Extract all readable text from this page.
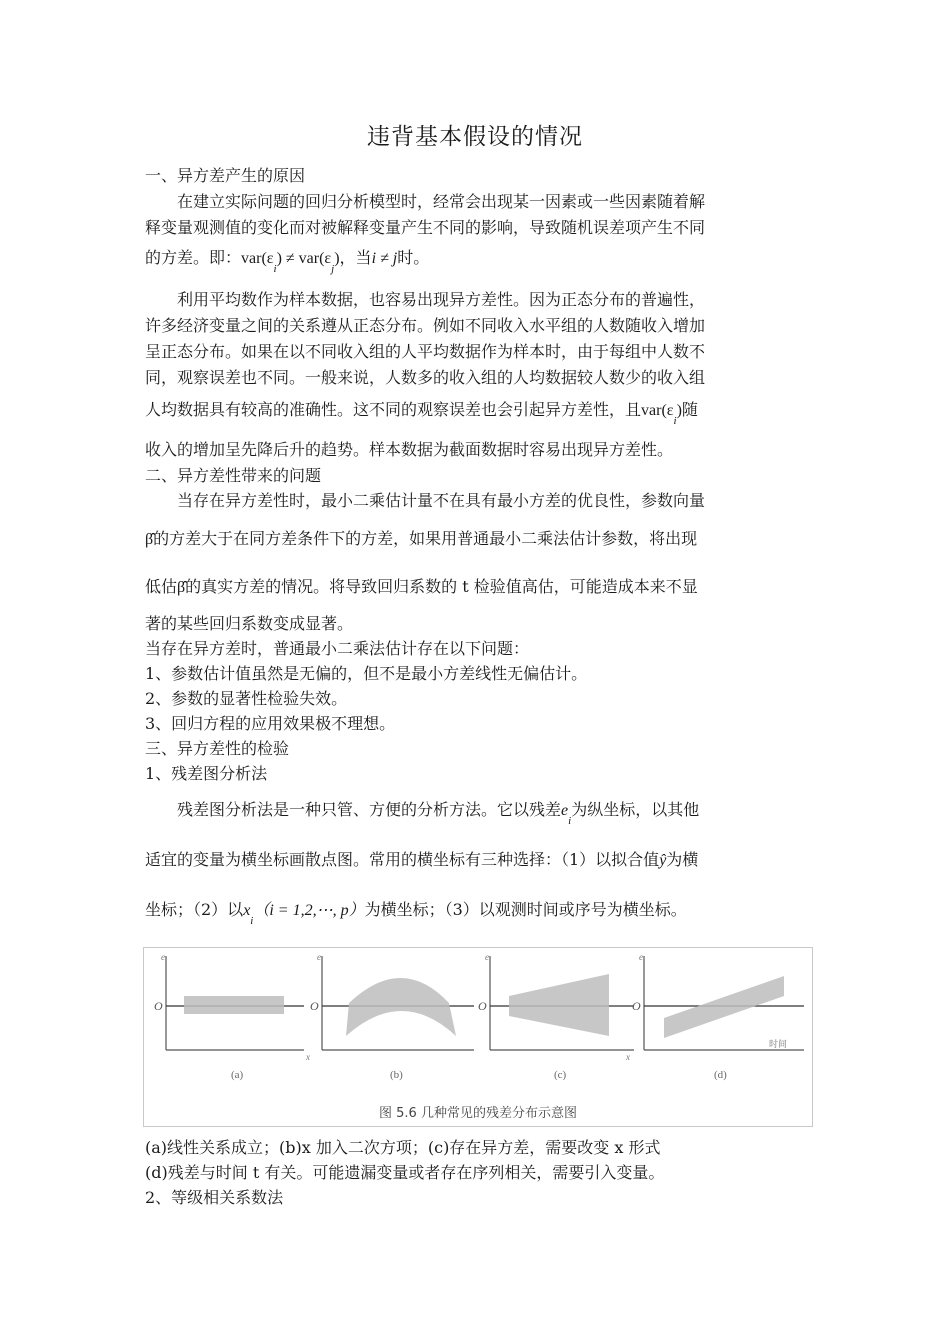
违背基本假设的情况
一、异方差产生的原因
在建立实际问题的回归分析模型时，经常会出现某一因素或一些因素随着解
释变量观测值的变化而对被解释变量产生不同的影响，导致随机误差项产生不同
的方差。即：$var(\varepsilon_i) \ne var(\varepsilon_j)$，当i ≠ j时。
利用平均数作为样本数据，也容易出现异方差性。因为正态分布的普遍性，
许多经济变量之间的关系遵从正态分布。例如不同收入水平组的人数随收入增加
呈正态分布。如果在以不同收入组的人平均数据作为样本时，由于每组中人数不
同，观察误差也不同。一般来说，人数多的收入组的人均数据较人数少的收入组
人均数据具有较高的准确性。这不同的观察误差也会引起异方差性，且$var(\varepsilon_i)$随
收入的增加呈先降后升的趋势。样本数据为截面数据时容易出现异方差性。
二、异方差性带来的问题
当存在异方差性时，最小二乘估计量不在具有最小方差的优良性，参数向量
β̂的方差大于在同方差条件下的方差，如果用普通最小二乘法估计参数，将出现
低估β̂的真实方差的情况。将导致回归系数的 t 检验值高估，可能造成本来不显
著的某些回归系数变成显著。
当存在异方差时，普通最小二乘法估计存在以下问题：
1、参数估计值虽然是无偏的，但不是最小方差线性无偏估计。
2、参数的显著性检验失效。
3、回归方程的应用效果极不理想。
三、异方差性的检验
1、残差图分析法
残差图分析法是一种只管、方便的分析方法。它以残差$e_i$为纵坐标，以其他
适宜的变量为横坐标画散点图。常用的横坐标有三种选择：（1）以拟合值ŷ为横
坐标；（2）以$x_i(i$ = 1,2,⋯, p）为横坐标；（3）以观测时间或序号为横坐标。
O
e
x
(a)
O
e
(b)
O
e
x
(c)
O
e
时间
(d)
图 5.6 几种常见的残差分布示意图
(a)线性关系成立；(b)x 加入二次方项；(c)存在异方差，需要改变 x 形式
(d)残差与时间 t 有关。可能遗漏变量或者存在序列相关，需要引入变量。
2、等级相关系数法
